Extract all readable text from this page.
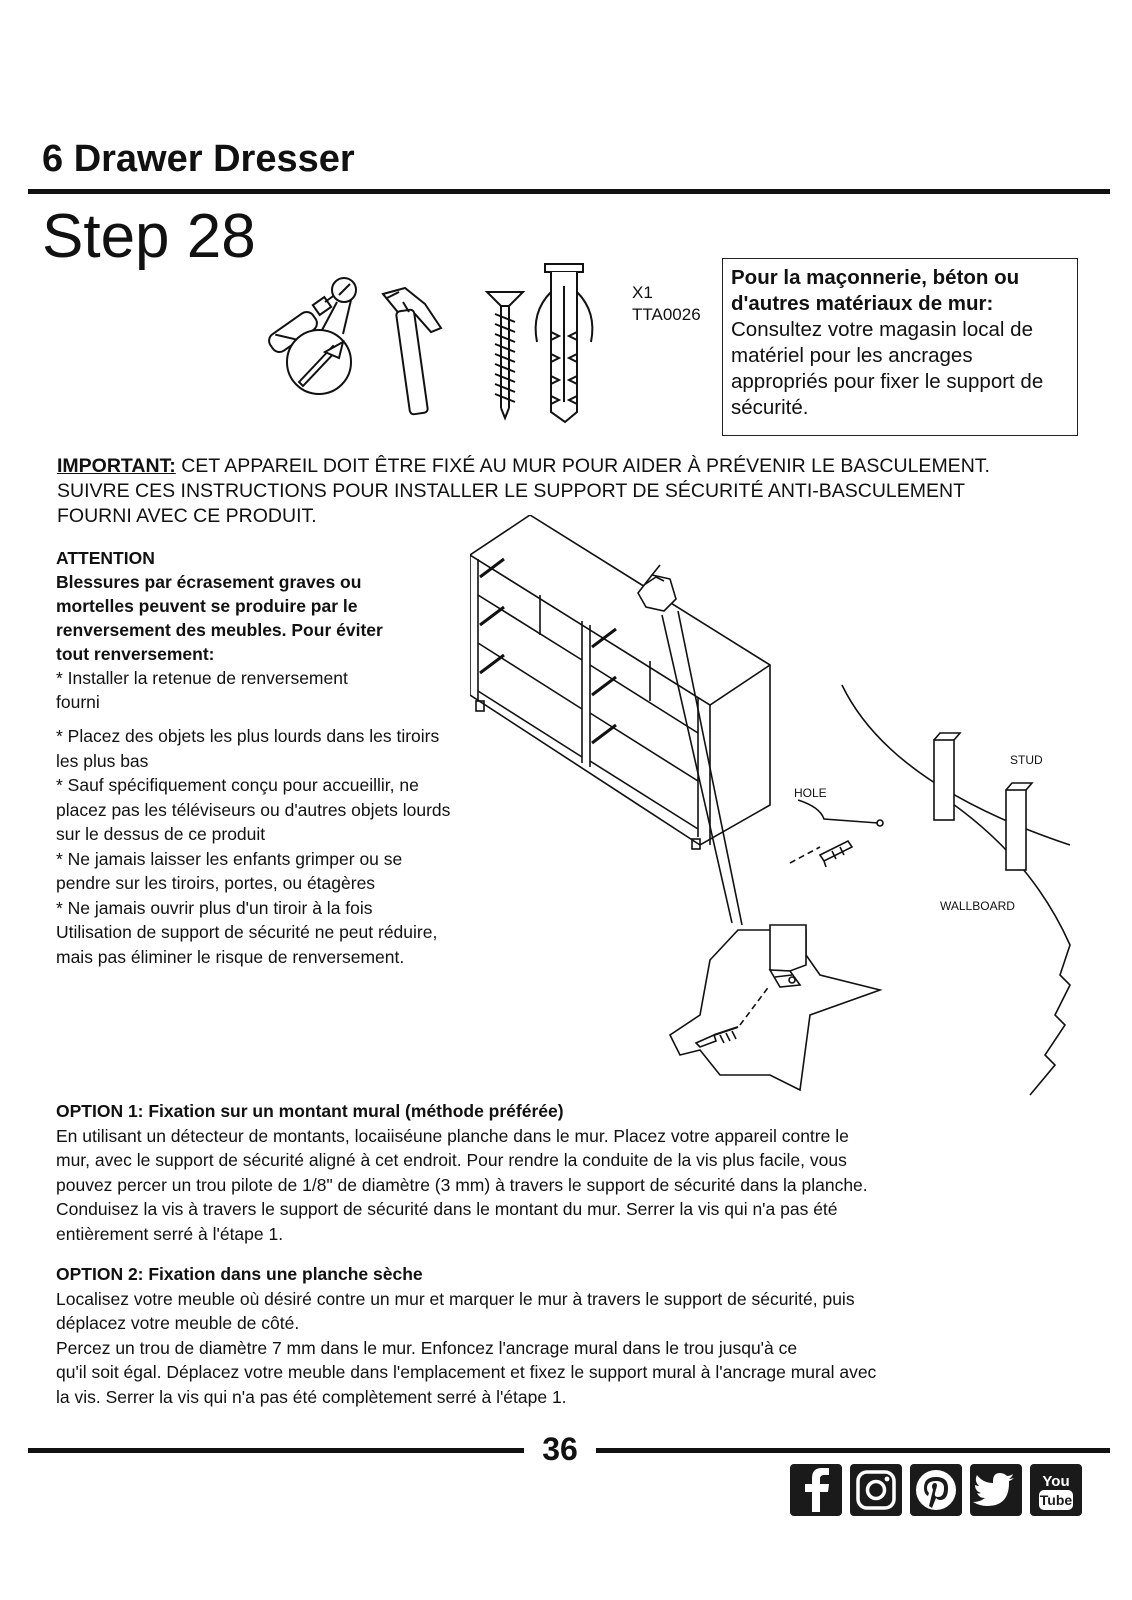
6 Drawer Dresser
Step 28
X1
TTA0026
Pour la maçonnerie, béton ou
d'autres matériaux de mur:
Consultez votre magasin local de
matériel pour les ancrages
appropriés pour fixer le support de
sécurité.
IMPORTANT: CET APPAREIL DOIT ÊTRE FIXÉ AU MUR POUR AIDER À PRÉVENIR LE BASCULEMENT.
SUIVRE CES INSTRUCTIONS POUR INSTALLER LE SUPPORT DE SÉCURITÉ ANTI-BASCULEMENT
FOURNI AVEC CE PRODUIT.
ATTENTION
Blessures par écrasement graves ou
mortelles peuvent se produire par le
renversement des meubles. Pour éviter
tout renversement:
* Installer la retenue de renversement
fourni
* Placez des objets les plus lourds dans les tiroirs
les plus bas
* Sauf spécifiquement conçu pour accueillir, ne
placez pas les téléviseurs ou d'autres objets lourds
sur le dessus de ce produit
* Ne jamais laisser les enfants grimper ou se
pendre sur les tiroirs, portes, ou étagères
* Ne jamais ouvrir plus d'un tiroir à la fois
Utilisation de support de sécurité ne peut réduire,
mais pas éliminer le risque de renversement.
STUD
HOLE
WALLBOARD
OPTION 1: Fixation sur un montant mural (méthode préférée)
En utilisant un détecteur de montants, locaiiséune planche dans le mur. Placez votre appareil contre le
mur, avec le support de sécurité aligné à cet endroit. Pour rendre la conduite de la vis plus facile, vous
pouvez percer un trou pilote de 1/8" de diamètre (3 mm) à travers le support de sécurité dans la planche.
Conduisez la vis à travers le support de sécurité dans le montant du mur. Serrer la vis qui n'a pas été
entièrement serré à l'étape 1.
OPTION 2: Fixation dans une planche sèche
Localisez votre meuble où désiré contre un mur et marquer le mur à travers le support de sécurité, puis
déplacez votre meuble de côté.
Percez un trou de diamètre 7 mm dans le mur. Enfoncez l'ancrage mural dans le trou jusqu'à ce
qu'il soit égal. Déplacez votre meuble dans l'emplacement et fixez le support mural à l'ancrage mural avec
la vis. Serrer la vis qui n'a pas été complètement serré à l'étape 1.
36
You
Tube
